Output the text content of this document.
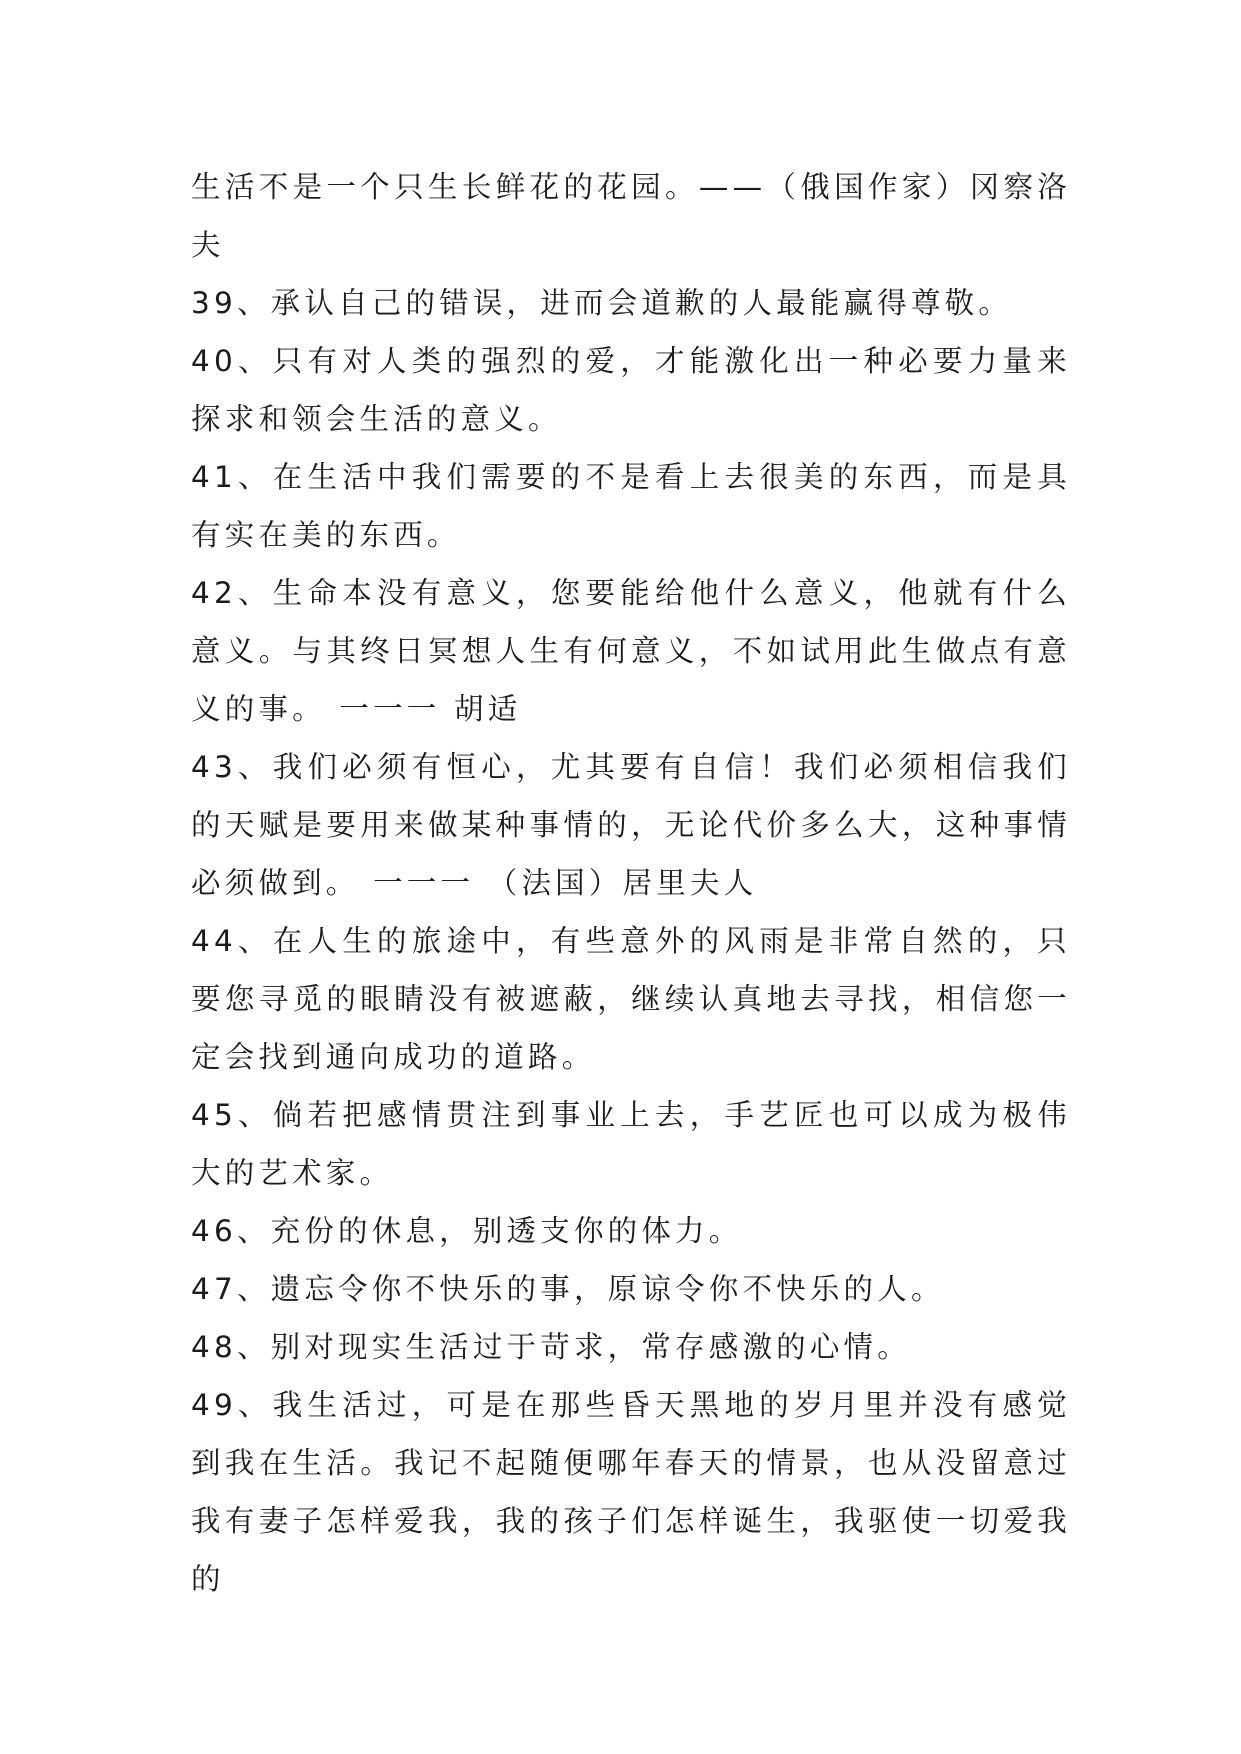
生活不是一个只生长鲜花的花园。——（俄国作家）冈察洛夫

39、承认自己的错误，进而会道歉的人最能赢得尊敬。

40、只有对人类的强烈的爱，才能激化出一种必要力量来探求和领会生活的意义。

41、在生活中我们需要的不是看上去很美的东西，而是具有实在美的东西。

42、生命本没有意义，您要能给他什么意义，他就有什么意义。与其终日冥想人生有何意义，不如试用此生做点有意义的事。 一一一 胡适

43、我们必须有恒心，尤其要有自信！我们必须相信我们的天赋是要用来做某种事情的，无论代价多么大，这种事情必须做到。 一一一 （法国）居里夫人

44、在人生的旅途中，有些意外的风雨是非常自然的，只要您寻觅的眼睛没有被遮蔽，继续认真地去寻找，相信您一定会找到通向成功的道路。

45、倘若把感情贯注到事业上去，手艺匠也可以成为极伟大的艺术家。

46、充份的休息，别透支你的体力。

47、遗忘令你不快乐的事，原谅令你不快乐的人。

48、别对现实生活过于苛求，常存感激的心情。

49、我生活过，可是在那些昏天黑地的岁月里并没有感觉到我在生活。我记不起随便哪年春天的情景，也从没留意过我有妻子怎样爱我，我的孩子们怎样诞生，我驱使一切爱我的
